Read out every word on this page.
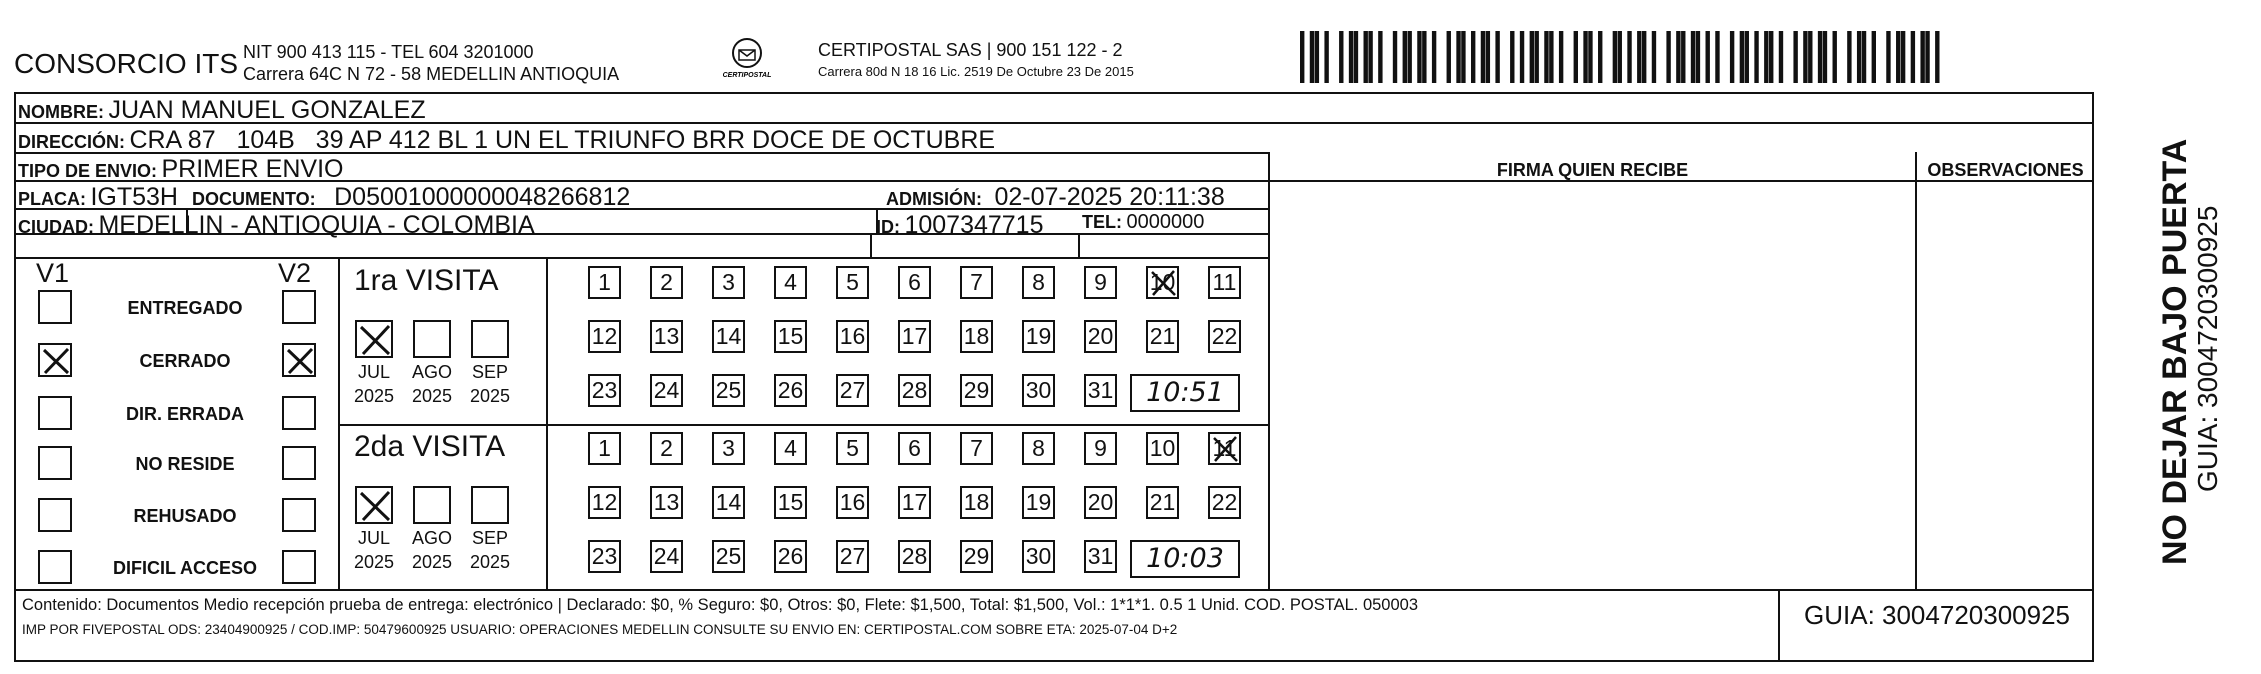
CONSORCIO ITS NIT 900 413 115 - TEL 604 3201000
Carrera 64C N 72 - 58 MEDELLIN ANTIOQUIA	CERTIPOSTAL
CERTIPOSTAL SAS | 900 151 122 - 2
Carrera 80d N 18 16 Lic. 2519 De Octubre 23 De 2015
NOMBRE: JUAN MANUEL GONZALEZ
DIRECCIÓN: CRA 87   104B   39 AP 412 BL 1 UN EL TRIUNFO BRR DOCE DE OCTUBRE
TIPO DE ENVIO: PRIMER ENVIO
PLACA: IGT53H DOCUMENTO: D05001000000048266812	ADMISIÓN: 02-07-2025 20:11:38
CIUDAD: MEDELLIN - ANTIOQUIA - COLOMBIA	ID: 1007347715 TEL: 0000000
FIRMA QUIEN RECIBE	OBSERVACIONES
V1	V2
ENTREGADO
CERRADO
DIR. ERRADA
NO RESIDE
REHUSADO
DIFICIL ACCESO
1ra VISITA
JUL
2025
AGO
2025
SEP
2025
1 2 3 4 5 6 7 8 9 10 11
12 13 14 15 16 17 18 19 20 21 22
23 24 25 26 27 28 29 30 31	10:51
2da VISITA
JUL
2025
AGO
2025
SEP
2025
1 2 3 4 5 6 7 8 9 10 11
12 13 14 15 16 17 18 19 20 21 22
23 24 25 26 27 28 29 30 31	10:03
Contenido: Documentos Medio recepción prueba de entrega: electrónico | Declarado: $0, % Seguro: $0, Otros: $0, Flete: $1,500, Total: $1,500, Vol.: 1*1*1. 0.5 1 Unid. COD. POSTAL. 050003
IMP POR FIVEPOSTAL ODS: 23404900925 / COD.IMP: 50479600925 USUARIO: OPERACIONES MEDELLIN CONSULTE SU ENVIO EN: CERTIPOSTAL.COM SOBRE ETA: 2025-07-04 D+2	GUIA: 3004720300925
NO DEJAR BAJO PUERTA
GUIA: 3004720300925
